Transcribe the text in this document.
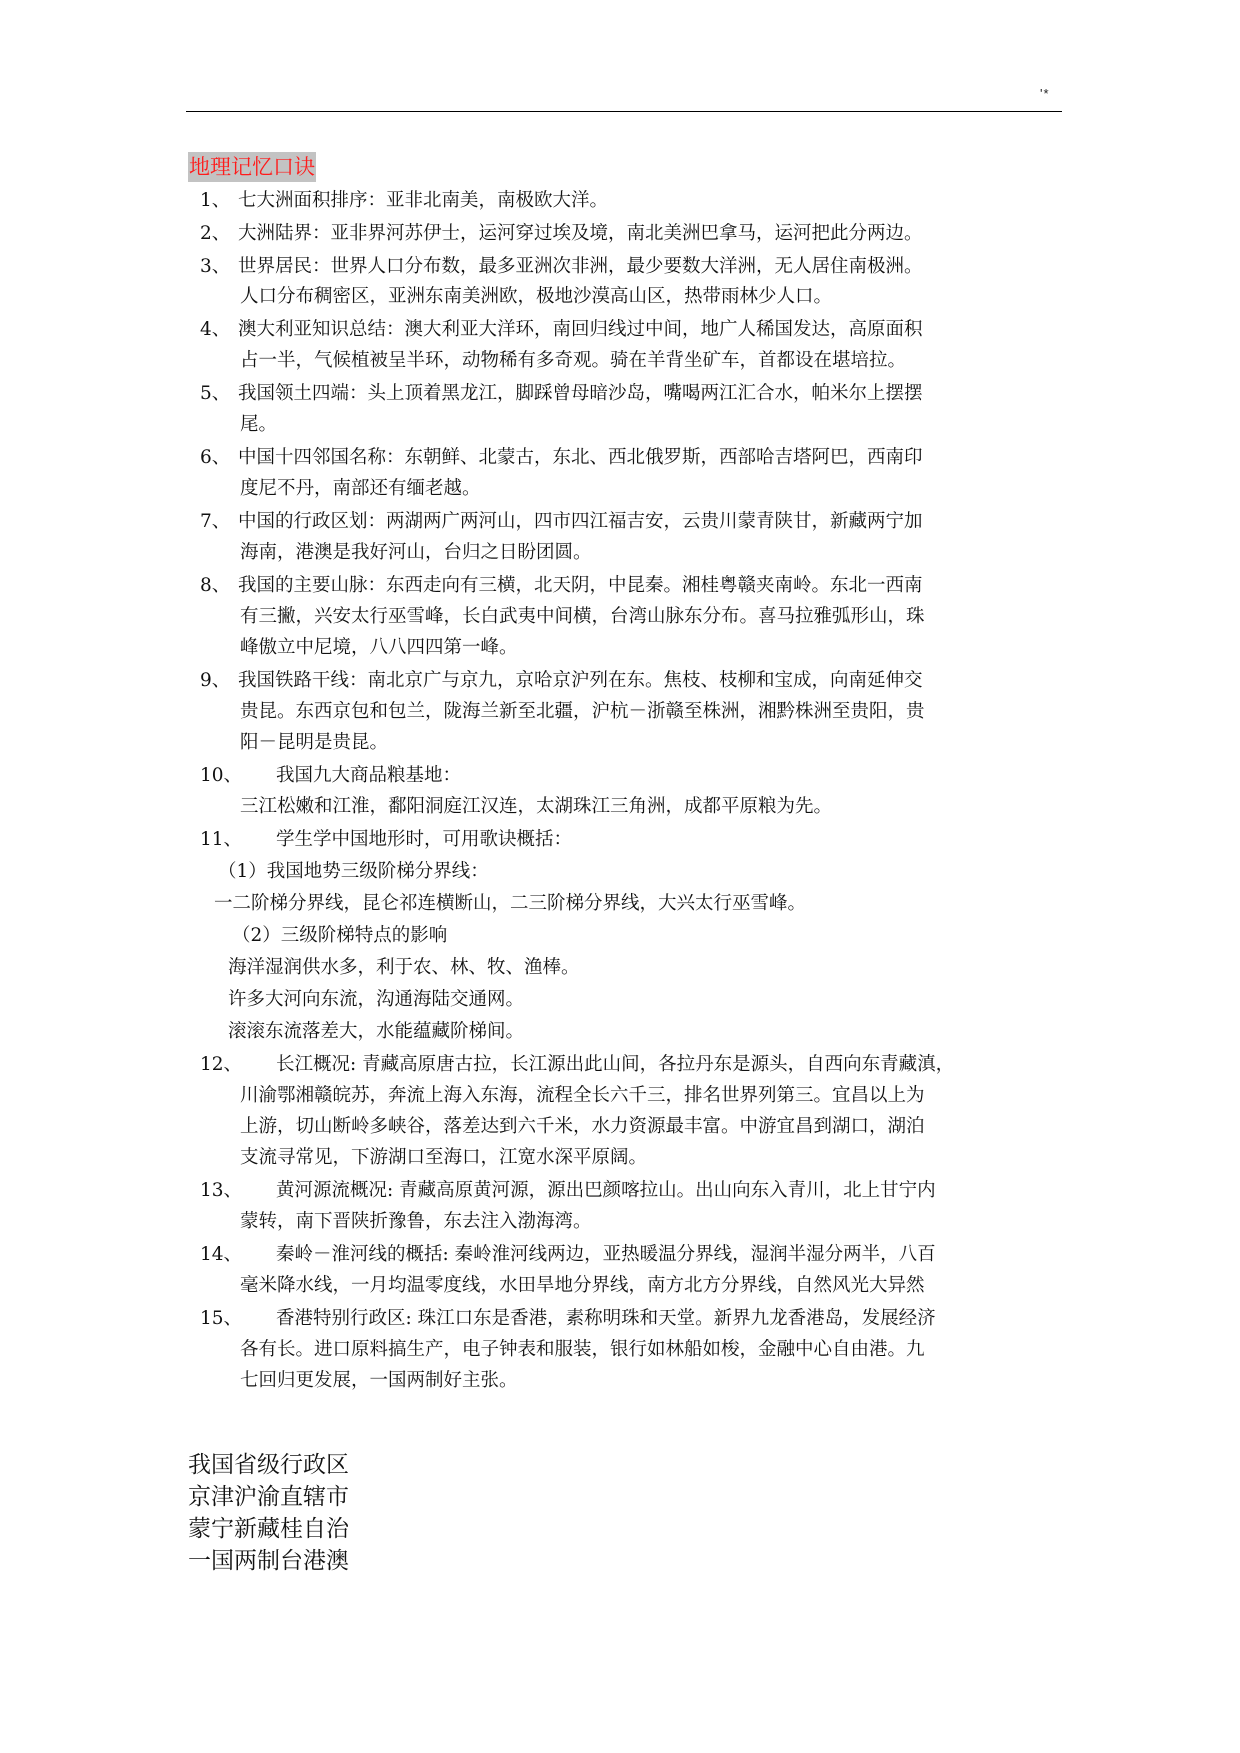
'*
地理记忆口诀
1、 七大洲面积排序：亚非北南美，南极欧大洋。
2、 大洲陆界：亚非界河苏伊士，运河穿过埃及境，南北美洲巴拿马，运河把此分两边。
3、 世界居民：世界人口分布数，最多亚洲次非洲，最少要数大洋洲，无人居住南极洲。
人口分布稠密区，亚洲东南美洲欧，极地沙漠高山区，热带雨林少人口。
4、 澳大利亚知识总结：澳大利亚大洋环，南回归线过中间，地广人稀国发达，高原面积
占一半，气候植被呈半环，动物稀有多奇观。骑在羊背坐矿车，首都设在堪培拉。
5、 我国领土四端：头上顶着黑龙江，脚踩曾母暗沙岛，嘴喝两江汇合水，帕米尔上摆摆
尾。
6、 中国十四邻国名称：东朝鲜、北蒙古，东北、西北俄罗斯，西部哈吉塔阿巴，西南印
度尼不丹，南部还有缅老越。
7、 中国的行政区划：两湖两广两河山，四市四江福吉安，云贵川蒙青陕甘，新藏两宁加
海南，港澳是我好河山，台归之日盼团圆。
8、 我国的主要山脉：东西走向有三横，北天阴，中昆秦。湘桂粤赣夹南岭。东北一西南
有三撇，兴安太行巫雪峰，长白武夷中间横，台湾山脉东分布。喜马拉雅弧形山，珠
峰傲立中尼境，八八四四第一峰。
9、 我国铁路干线：南北京广与京九，京哈京沪列在东。焦枝、枝柳和宝成，向南延伸交
贵昆。东西京包和包兰，陇海兰新至北疆，沪杭－浙赣至株洲，湘黔株洲至贵阳，贵
阳－昆明是贵昆。
10、 我国九大商品粮基地：
三江松嫩和江淮，鄱阳洞庭江汉连，太湖珠江三角洲，成都平原粮为先。
11、 学生学中国地形时，可用歌诀概括：
（1）我国地势三级阶梯分界线：
一二阶梯分界线，昆仑祁连横断山，二三阶梯分界线，大兴太行巫雪峰。
（2）三级阶梯特点的影响
海洋湿润供水多，利于农、林、牧、渔棒。
许多大河向东流，沟通海陆交通网。
滚滚东流落差大，水能蕴藏阶梯间。
12、 长江概况: 青藏高原唐古拉，长江源出此山间，各拉丹东是源头，自西向东青藏滇，
川渝鄂湘赣皖苏，奔流上海入东海，流程全长六千三，排名世界列第三。宜昌以上为
上游，切山断岭多峡谷，落差达到六千米，水力资源最丰富。中游宜昌到湖口，湖泊
支流寻常见，下游湖口至海口，江宽水深平原阔。
13、 黄河源流概况: 青藏高原黄河源，源出巴颜喀拉山。出山向东入青川，北上甘宁内
蒙转，南下晋陕折豫鲁，东去注入渤海湾。
14、 秦岭－淮河线的概括: 秦岭淮河线两边，亚热暖温分界线，湿润半湿分两半，八百
毫米降水线，一月均温零度线，水田旱地分界线，南方北方分界线，自然风光大异然
15、 香港特别行政区: 珠江口东是香港，素称明珠和天堂。新界九龙香港岛，发展经济
各有长。进口原料搞生产，电子钟表和服装，银行如林船如梭，金融中心自由港。九
七回归更发展，一国两制好主张。
我国省级行政区
京津沪渝直辖市
蒙宁新藏桂自治
一国两制台港澳
